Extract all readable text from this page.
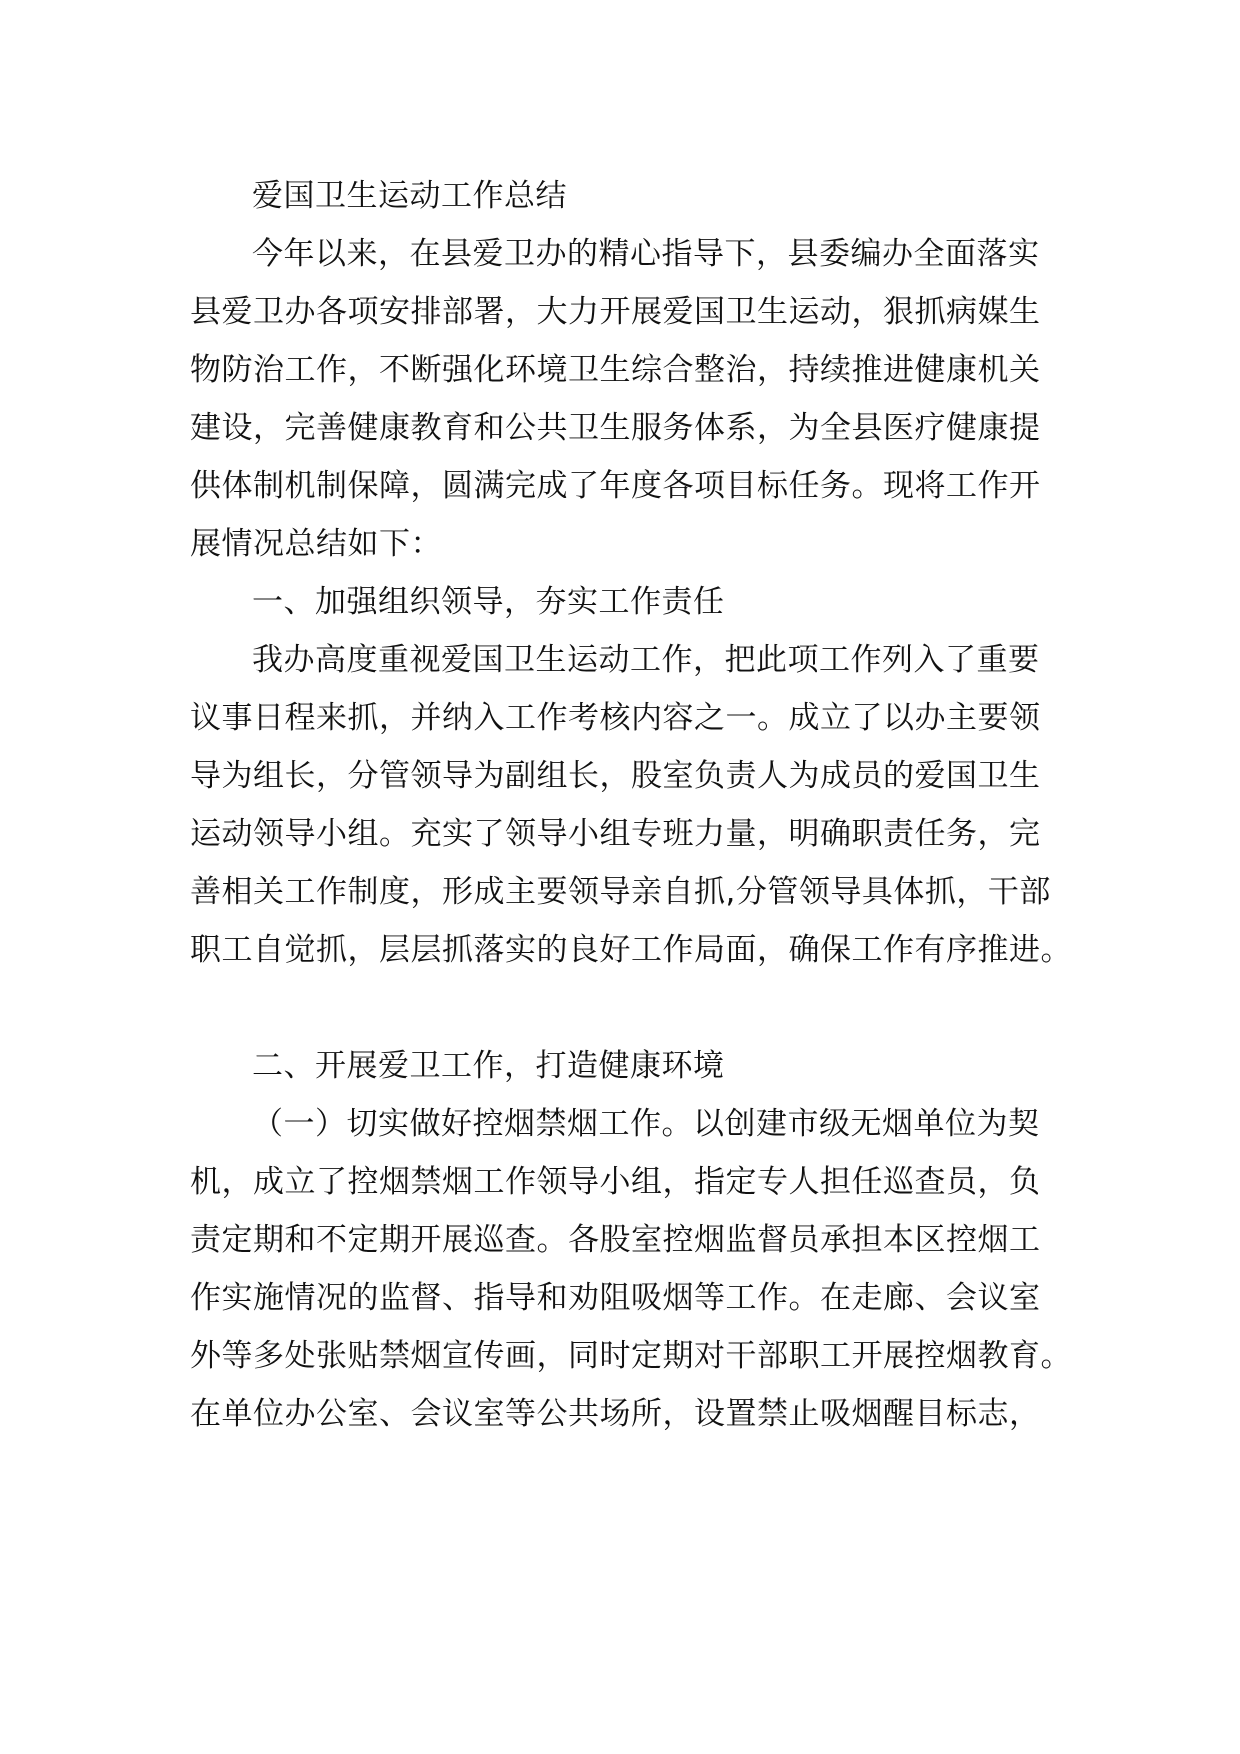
爱国卫生运动工作总结
今年以来，在县爱卫办的精心指导下，县委编办全面落实
县爱卫办各项安排部署，大力开展爱国卫生运动，狠抓病媒生
物防治工作，不断强化环境卫生综合整治，持续推进健康机关
建设，完善健康教育和公共卫生服务体系，为全县医疗健康提
供体制机制保障，圆满完成了年度各项目标任务。现将工作开
展情况总结如下：
一、加强组织领导，夯实工作责任
我办高度重视爱国卫生运动工作，把此项工作列入了重要
议事日程来抓，并纳入工作考核内容之一。成立了以办主要领
导为组长，分管领导为副组长，股室负责人为成员的爱国卫生
运动领导小组。充实了领导小组专班力量，明确职责任务，完
善相关工作制度，形成主要领导亲自抓,分管领导具体抓，干部
职工自觉抓，层层抓落实的良好工作局面，确保工作有序推进。
二、开展爱卫工作，打造健康环境
（一）切实做好控烟禁烟工作。以创建市级无烟单位为契
机，成立了控烟禁烟工作领导小组，指定专人担任巡查员，负
责定期和不定期开展巡查。各股室控烟监督员承担本区控烟工
作实施情况的监督、指导和劝阻吸烟等工作。在走廊、会议室
外等多处张贴禁烟宣传画，同时定期对干部职工开展控烟教育。
在单位办公室、会议室等公共场所，设置禁止吸烟醒目标志，
